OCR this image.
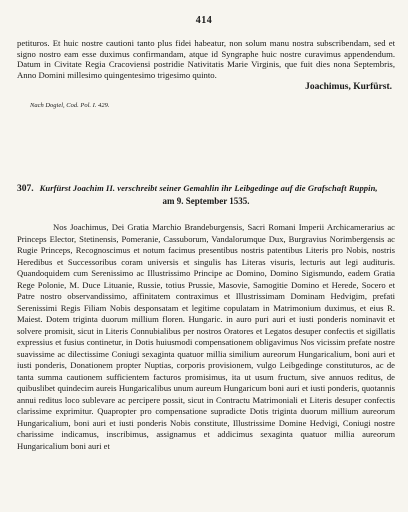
414
petituros. Et huic nostre cautioni tanto plus fidei habeatur, non solum manu nostra subscribendam, sed et signo nostro eam esse duximus confirmandam, atque id Syngraphe huic nostre curavimus appendendum. Datum in Civitate Regia Cracoviensi postridie Nativitatis Marie Virginis, que fuit dies nona Septembris, Anno Domini millesimo quingentesimo trigesimo quinto.
Joachimus, Kurfürst.
Nach Dogiel, Cod. Pol. I. 429.
307. Kurfürst Joachim II. verschreibt seiner Gemahlin ihr Leibgedinge auf die Grafschaft Ruppin,
am 9. September 1535.
Nos Joachimus, Dei Gratia Marchio Brandeburgensis, Sacri Romani Imperii Archicamerarius ac Princeps Elector, Stetinensis, Pomeranie, Cassuborum, Vandalorumque Dux, Burgravius Norimbergensis ac Rugie Princeps, Recognoscimus et notum facimus presentibus nostris patentibus Literis pro Nobis, nostris Heredibus et Successoribus coram universis et singulis has Literas visuris, lecturis aut legi audituris. Quandoquidem cum Serenissimo ac Illustrissimo Principe ac Domino, Domino Sigismundo, eadem Gratia Rege Polonie, M. Duce Lituanie, Russie, totius Prussie, Masovie, Samogitie Domino et Herede, Socero et Patre nostro observandissimo, affinitatem contraximus et Illustrissimam Dominam Hedvigim, prefati Serenissimi Regis Filiam Nobis desponsatam et legitime copulatam in Matrimonium duximus, et eius R. Maiest. Dotem triginta duorum millium floren. Hungaric. in auro puri auri et iusti ponderis nominavit et solvere promisit, sicut in Literis Connubialibus per nostros Oratores et Legatos desuper confectis et sigillatis expressius et fusius continetur, in Dotis huiusmodi compensationem obligavimus Nos vicissim prefate nostre suavissime ac dilectissime Coniugi sexaginta quatuor millia similium aureorum Hungaricalium, boni auri et iusti ponderis, Donationem propter Nuptias, corporis provisionem, vulgo Leibgedinge constituturos, ac de tanta summa cautionem sufficientem facturos promisimus, ita ut usum fructum, sive annuos reditus, de quibuslibet quindecim aureis Hungaricalibus unum aureum Hungaricum boni auri et iusti ponderis, quotannis annui reditus loco sublevare ac percipere possit, sicut in Contractu Matrimoniali et Literis desuper confectis clarissime exprimitur. Quapropter pro compensatione supradicte Dotis triginta duorum millium aureorum Hungaricalium, boni auri et iusti ponderis Nobis constitute, Illustrissime Domine Hedvigi, Coniugi nostre charissime indicamus, inscribimus, assignamus et addicimus sexaginta quatuor millia aureorum Hungaricalium boni auri et
